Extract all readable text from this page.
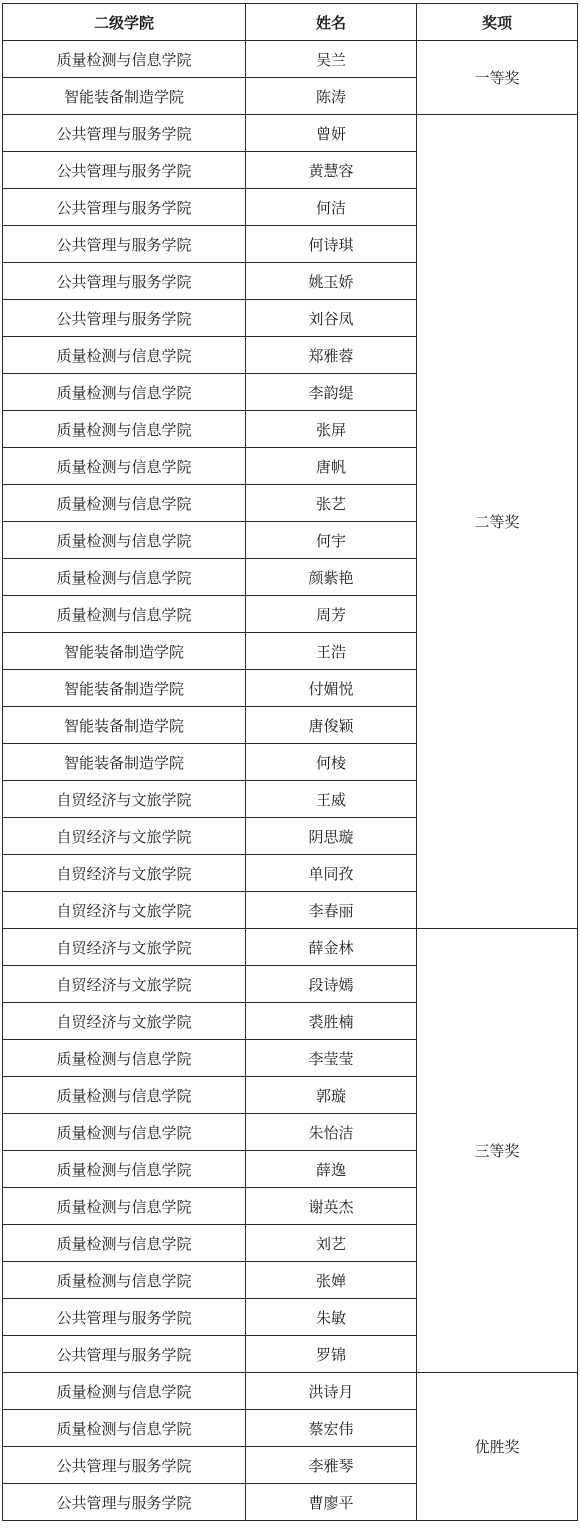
二级学院	姓名	奖项
质量检测与信息学院	吴兰	一等奖
智能装备制造学院	陈涛	
公共管理与服务学院	曾妍	二等奖
公共管理与服务学院	黄慧容	
公共管理与服务学院	何洁	
公共管理与服务学院	何诗琪	
公共管理与服务学院	姚玉娇	
公共管理与服务学院	刘谷凤	
质量检测与信息学院	郑雅蓉	
质量检测与信息学院	李韵缇	
质量检测与信息学院	张屏	
质量检测与信息学院	唐帆	
质量检测与信息学院	张艺	
质量检测与信息学院	何宇	
质量检测与信息学院	颜紫艳	
质量检测与信息学院	周芳	
智能装备制造学院	王浩	
智能装备制造学院	付媚悦	
智能装备制造学院	唐俊颖	
智能装备制造学院	何棱	
自贸经济与文旅学院	王威	
自贸经济与文旅学院	阴思璇	
自贸经济与文旅学院	单同孜	
自贸经济与文旅学院	李春丽	
自贸经济与文旅学院	薛金林	三等奖
自贸经济与文旅学院	段诗嫣	
自贸经济与文旅学院	裘胜楠	
质量检测与信息学院	李莹莹	
质量检测与信息学院	郭璇	
质量检测与信息学院	朱怡洁	
质量检测与信息学院	薛逸	
质量检测与信息学院	谢英杰	
质量检测与信息学院	刘艺	
质量检测与信息学院	张婵	
公共管理与服务学院	朱敏	
公共管理与服务学院	罗锦	
质量检测与信息学院	洪诗月	优胜奖
质量检测与信息学院	蔡宏伟	
公共管理与服务学院	李雅琴	
公共管理与服务学院	曹廖平	
